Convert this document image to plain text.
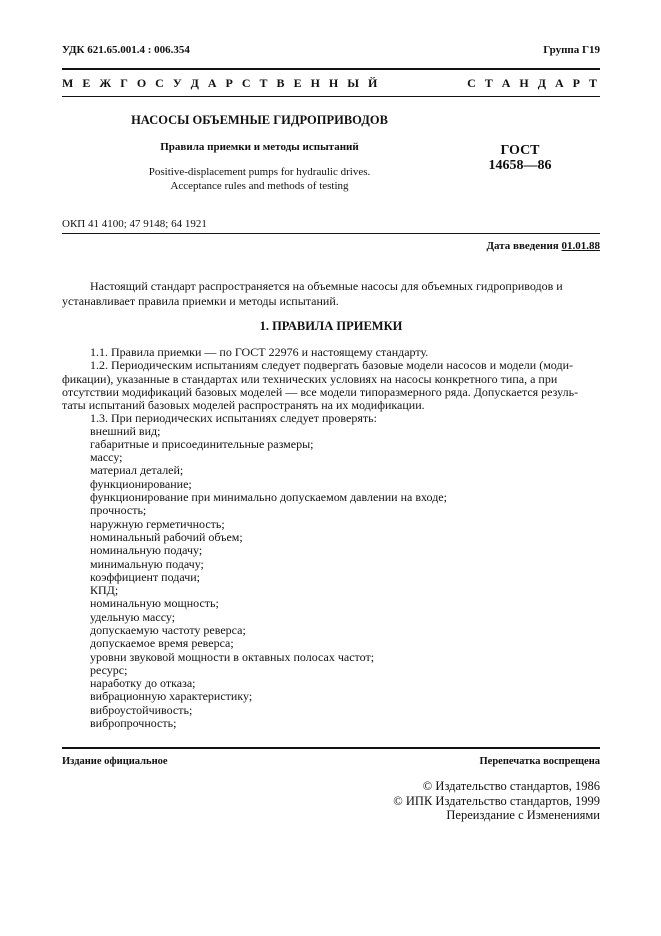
УДК 621.65.001.4 : 006.354	Группа Г19
М Е Ж Г О С У Д А Р С Т В Е Н Н Ы Й	С Т А Н Д А Р Т
НАСОСЫ ОБЪЕМНЫЕ ГИДРОПРИВОДОВ
Правила приемки и методы испытаний
Positive-displacement pumps for hydraulic drives.
Acceptance rules and methods of testing
ГОСТ
14658—86
ОКП 41 4100; 47 9148; 64 1921
Дата введения 01.01.88
Настоящий стандарт распространяется на объемные насосы для объемных гидроприводов и
устанавливает правила приемки и методы испытаний.
1. ПРАВИЛА ПРИЕМКИ
1.1. Правила приемки — по ГОСТ 22976 и настоящему стандарту.
1.2. Периодическим испытаниям следует подвергать базовые модели насосов и модели (моди-
фикации), указанные в стандартах или технических условиях на насосы конкретного типа, а при
отсутствии модификаций базовых моделей — все модели типоразмерного ряда. Допускается резуль-
таты испытаний базовых моделей распространять на их модификации.
1.3. При периодических испытаниях следует проверять:
внешний вид;
габаритные и присоединительные размеры;
массу;
материал деталей;
функционирование;
функционирование при минимально допускаемом давлении на входе;
прочность;
наружную герметичность;
номинальный рабочий объем;
номинальную подачу;
минимальную подачу;
коэффициент подачи;
КПД;
номинальную мощность;
удельную массу;
допускаемую частоту реверса;
допускаемое время реверса;
уровни звуковой мощности в октавных полосах частот;
ресурс;
наработку до отказа;
вибрационную характеристику;
виброустойчивость;
вибропрочность;
Издание официальное	Перепечатка воспрещена
© Издательство стандартов, 1986
© ИПК Издательство стандартов, 1999
Переиздание с Изменениями
